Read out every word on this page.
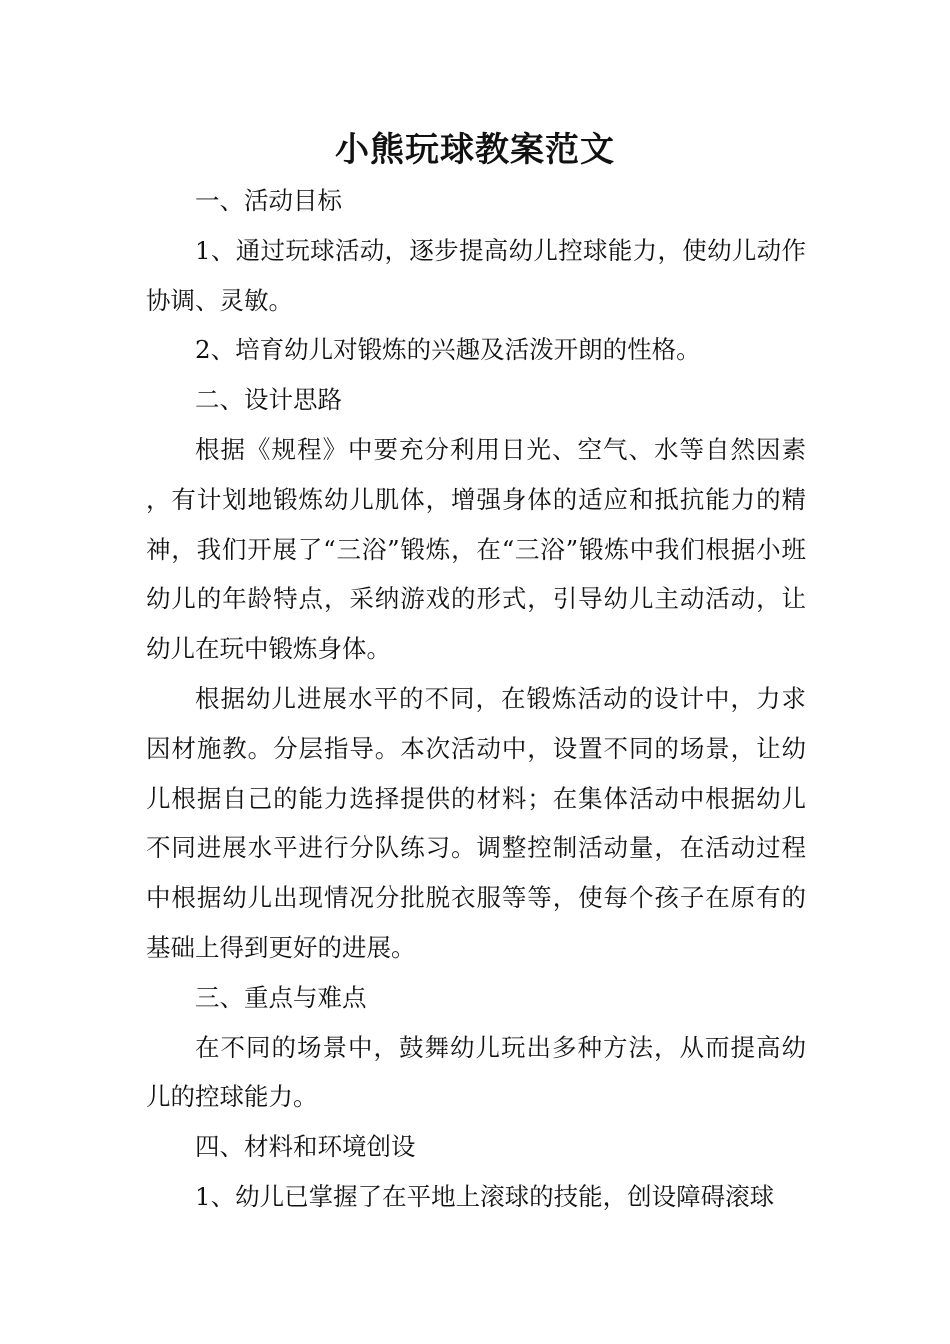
小熊玩球教案范文

一、活动目标

1、通过玩球活动，逐步提高幼儿控球能力，使幼儿动作协调、灵敏。

2、培育幼儿对锻炼的兴趣及活泼开朗的性格。

二、设计思路

根据《规程》中要充分利用日光、空气、水等自然因素 ，有计划地锻炼幼儿肌体，增强身体的适应和抵抗能力的精神，我们开展了“三浴”锻炼，在“三浴”锻炼中我们根据小班幼儿的年龄特点，采纳游戏的形式，引导幼儿主动活动，让幼儿在玩中锻炼身体。

根据幼儿进展水平的不同，在锻炼活动的设计中，力求因材施教。分层指导。本次活动中，设置不同的场景，让幼儿根据自己的能力选择提供的材料；在集体活动中根据幼儿不同进展水平进行分队练习。调整控制活动量，在活动过程中根据幼儿出现情况分批脱衣服等等，使每个孩子在原有的基础上得到更好的进展。

三、重点与难点

在不同的场景中，鼓舞幼儿玩出多种方法，从而提高幼儿的控球能力。

四、材料和环境创设

1、幼儿已掌握了在平地上滚球的技能，创设障碍滚球
